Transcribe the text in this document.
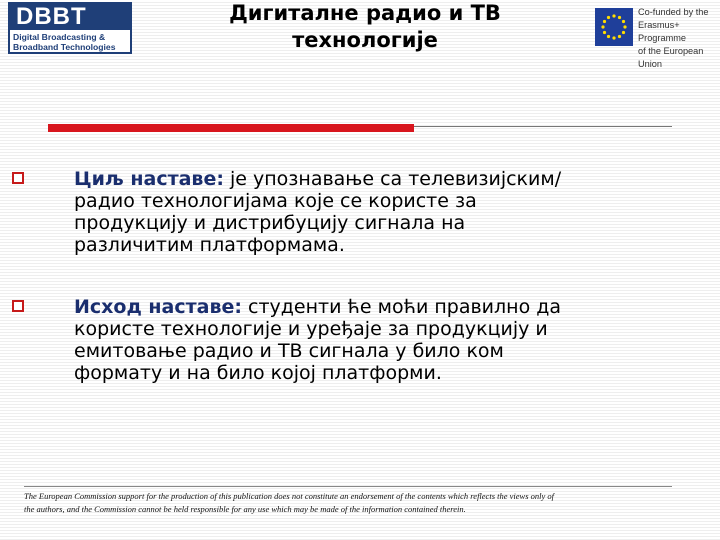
DBBT
Digital Broadcasting &
Broadband Technologies
Дигиталне радио и ТВ
технологије
Co-funded by the
Erasmus+ Programme
of the European Union
Циљ наставе: је упознавање са телевизијским/
радио технологијама које се користе за
продукцију и дистрибуцију сигнала на
различитим платформама.
Исход наставе: студенти ће моћи правилно да
користе технологије и уређаје за продукцију и
емитовање радио и ТВ сигнала у било ком
формату и на било којој платформи.
The European Commission support for the production of this publication does not constitute an endorsement of the contents which reflects the views only of
the authors, and the Commission cannot be held responsible for any use which may be made of the information contained therein.
